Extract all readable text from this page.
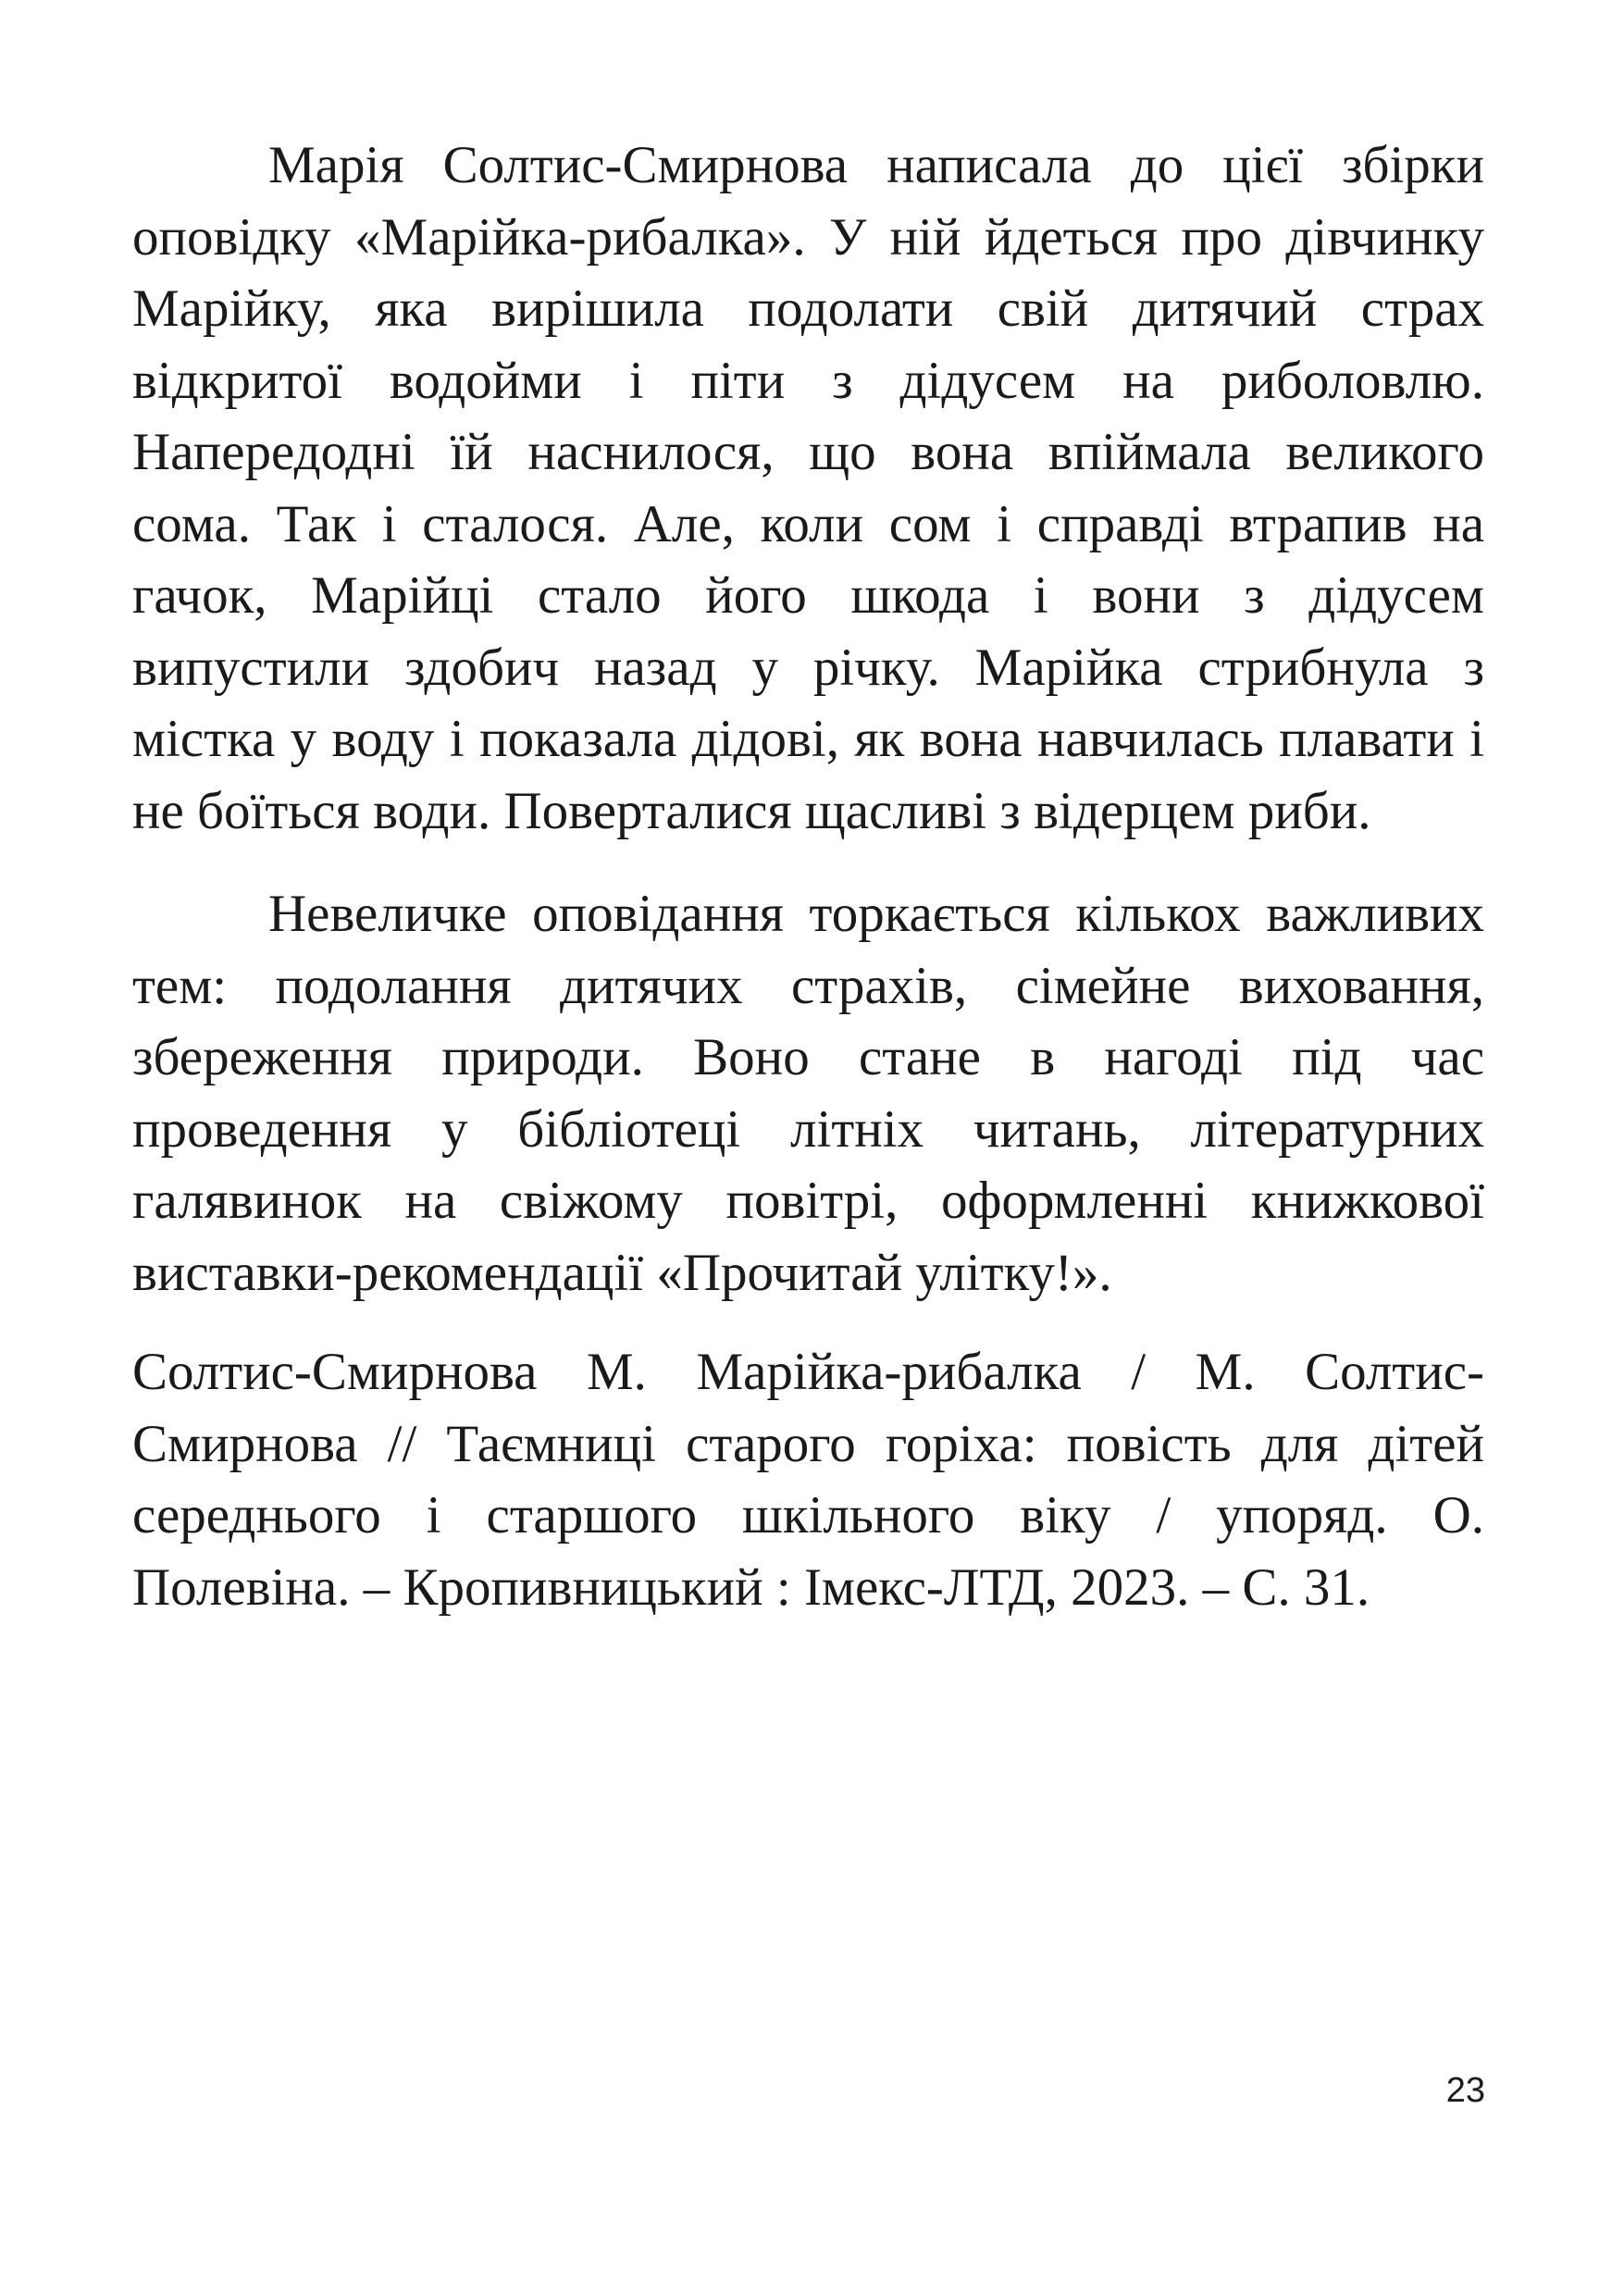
Марія Солтис-Смирнова написала до цієї збірки оповідку «Марійка-рибалка». У ній йдеться про дівчинку Марійку, яка вирішила подолати свій дитячий страх відкритої водойми і піти з дідусем на риболовлю. Напередодні їй наснилося, що вона впіймала великого сома. Так і сталося. Але, коли сом і справді втрапив на гачок, Марійці стало його шкода і вони з дідусем випустили здобич назад у річку. Марійка стрибнула з містка у воду і показала дідові, як вона навчилась плавати і не боїться води. Поверталися щасливі з відерцем риби.

Невеличке оповідання торкається кількох важливих тем: подолання дитячих страхів, сімейне виховання, збереження природи. Воно стане в нагоді під час проведення у бібліотеці літніх читань, літературних галявинок на свіжому повітрі, оформленні книжкової виставки-рекомендації «Прочитай улітку!».

Солтис-Смирнова М. Марійка-рибалка / М. Солтис-Смирнова // Таємниці старого горіха: повість для дітей середнього і старшого шкільного віку / упоряд. О. Полевіна. – Кропивницький : Імекс-ЛТД, 2023. – С. 31.

23
